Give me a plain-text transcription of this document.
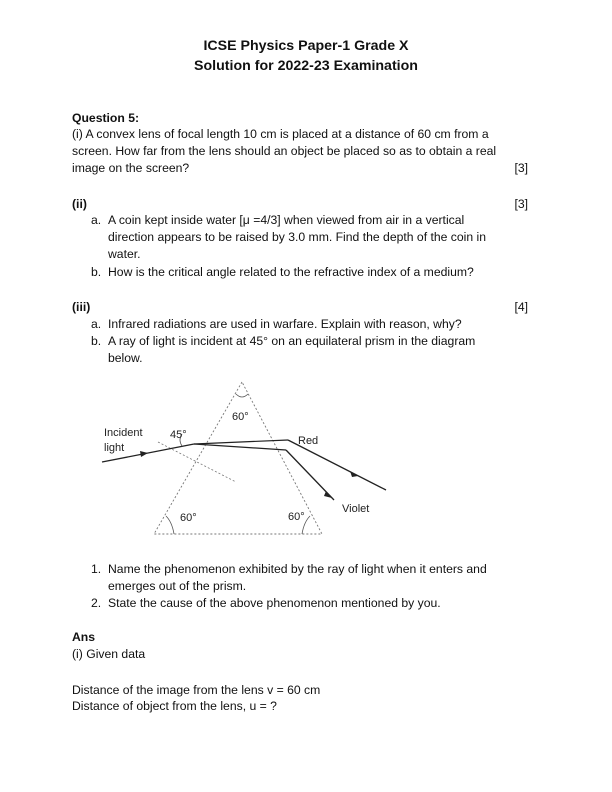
ICSE Physics Paper-1 Grade X
Solution for 2022-23 Examination
Question 5:
(i) A convex lens of focal length 10 cm is placed at a distance of 60 cm from a
screen. How far from the lens should an object be placed so as to obtain a real
image on the screen?	[3]
(ii)	[3]
a. A coin kept inside water [μ =4/3] when viewed from air in a vertical
direction appears to be raised by 3.0 mm. Find the depth of the coin in
water.
b. How is the critical angle related to the refractive index of a medium?
(iii)	[4]
a. Infrared radiations are used in warfare. Explain with reason, why?
b. A ray of light is incident at 45° on an equilateral prism in the diagram
below.
60°
Incident
light
45°	Red
Violet
60°	60°
1. Name the phenomenon exhibited by the ray of light when it enters and
emerges out of the prism.
2. State the cause of the above phenomenon mentioned by you.
Ans
(i) Given data
Distance of the image from the lens v = 60 cm
Distance of object from the lens, u = ?
